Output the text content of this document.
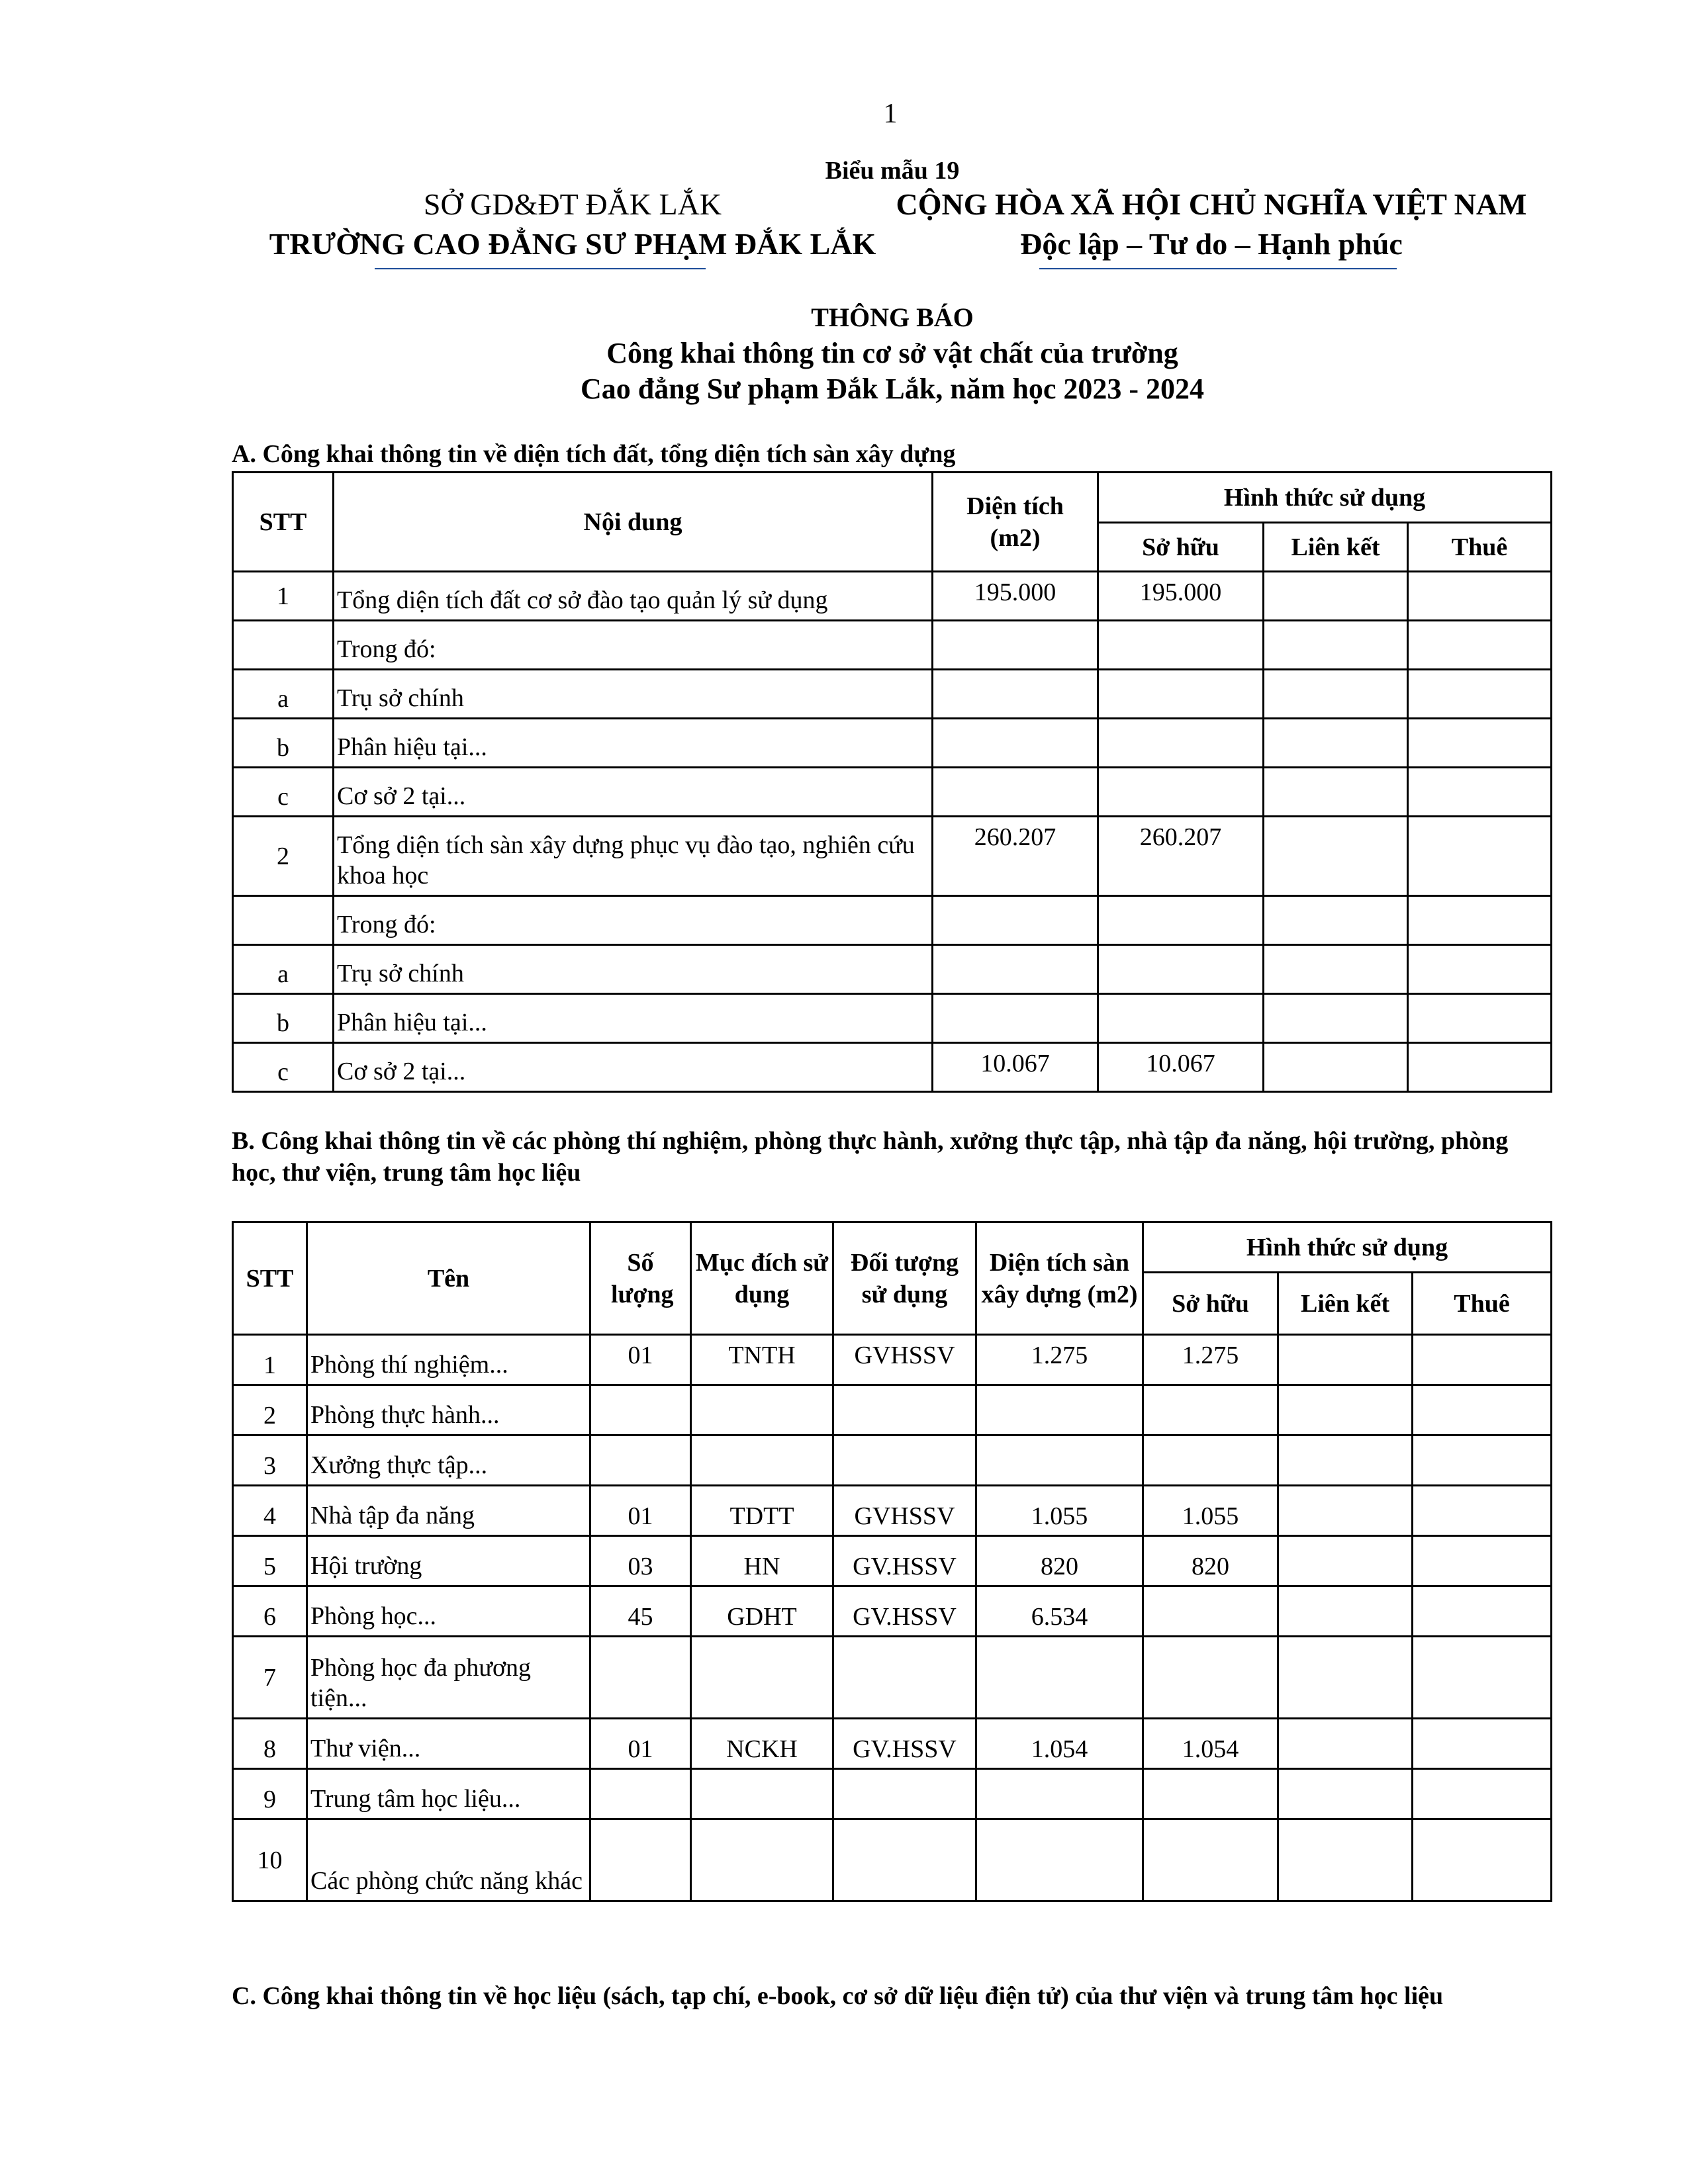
1
Biểu mẫu 19
SỞ GD&ĐT ĐẮK LẮK
TRƯỜNG CAO ĐẲNG SƯ PHẠM ĐẮK LẮK
CỘNG HÒA XÃ HỘI CHỦ NGHĨA VIỆT NAM
Độc lập – Tư do – Hạnh phúc
THÔNG BÁO
Công khai thông tin cơ sở vật chất của trường
Cao đẳng Sư phạm Đắk Lắk, năm học 2023 - 2024
A. Công khai thông tin về diện tích đất, tổng diện tích sàn xây dựng
STT	Nội dung	Diện tích (m2)	Hình thức sử dụng		
			Sở hữu	Liên kết	Thuê
1	Tổng diện tích đất cơ sở đào tạo quản lý sử dụng	195.000	195.000		
	Trong đó:				
a	Trụ sở chính				
b	Phân hiệu tại...				
c	Cơ sở 2 tại...				
2	Tổng diện tích sàn xây dựng phục vụ đào tạo, nghiên cứu khoa học	260.207	260.207		
	Trong đó:				
a	Trụ sở chính				
b	Phân hiệu tại...				
c	Cơ sở 2 tại...	10.067	10.067		
B. Công khai thông tin về các phòng thí nghiệm, phòng thực hành, xưởng thực tập, nhà tập đa năng, hội trường, phòng học, thư viện, trung tâm học liệu
STT	Tên	Số lượng	Mục đích sử dụng	Đối tượng sử dụng	Diện tích sàn xây dựng (m2)	Hình thức sử dụng		
						Sở hữu	Liên kết	Thuê
1	Phòng thí nghiệm...	01	TNTH	GVHSSV	1.275	1.275		
2	Phòng thực hành...							
3	Xưởng thực tập...							
4	Nhà tập đa năng	01	TDTT	GVHSSV	1.055	1.055		
5	Hội trường	03	HN	GV.HSSV	820	820		
6	Phòng học...	45	GDHT	GV.HSSV	6.534			
7	Phòng học đa phương tiện...							
8	Thư viện...	01	NCKH	GV.HSSV	1.054	1.054		
9	Trung tâm học liệu...							
10	Các phòng chức năng khác							
C. Công khai thông tin về học liệu (sách, tạp chí, e-book, cơ sở dữ liệu điện tử) của thư viện và trung tâm học liệu
